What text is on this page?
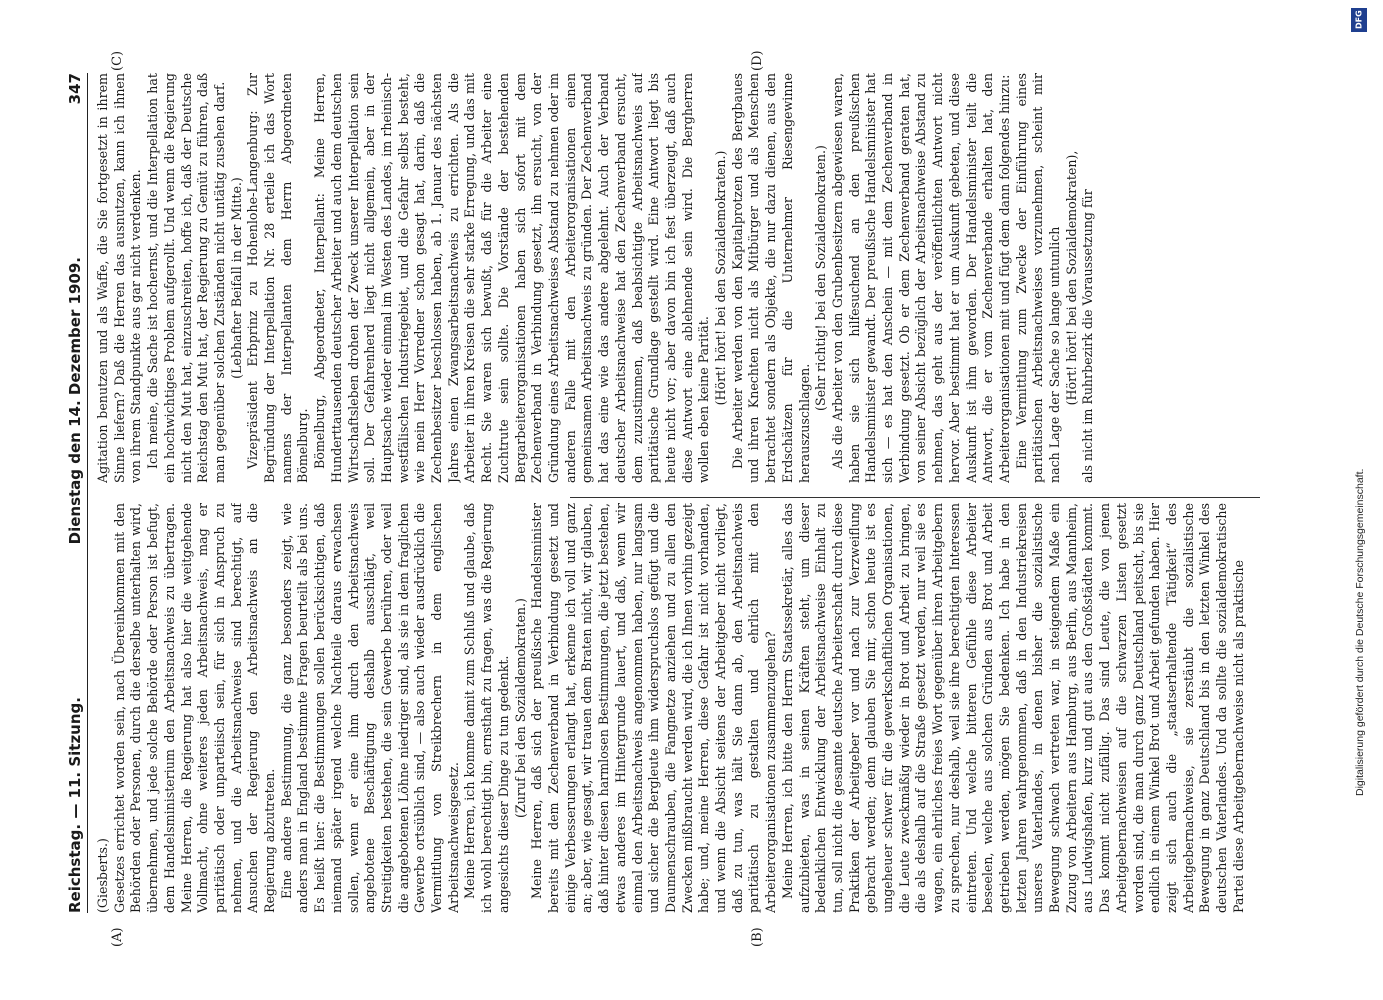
Reichstag. — 11. Sitzung.
Dienstag den 14. Dezember 1909.
347
(A)	(B)
(C)	(D)

(Giesberts.) Gesetzes errichtet worden sein, nach Übereinkommen mit den Behörden oder Personen, durch die derselbe unterhalten wird, übernehmen, und jede solche Behörde oder Person ist befugt, dem Handelsministerium den Arbeitsnachweis zu übertragen. Meine Herren, die Regierung hat also hier die weitgehende Vollmacht, ohne weiteres jeden Arbeitsnachweis, mag er paritätisch oder unparteiisch sein, für sich in Anspruch zu nehmen, und die Arbeitsnachweise sind berechtigt, auf Ansuchen der Regierung den Arbeitsnachweis an die Regierung abzutreten. Eine andere Bestimmung, die ganz besonders zeigt, wie anders man in England bestimmte Fragen beurteilt als bei uns. Es heißt hier: die Bestimmungen sollen berücksichtigen, daß niemand später irgend welche Nachteile daraus erwachsen sollen, wenn er eine ihm durch den Arbeitsnachweis angebotene Beschäftigung deshalb ausschlägt, weil Streitigkeiten bestehen, die sein Gewerbe berühren, oder weil die angebotenen Löhne niedriger sind, als sie in dem fraglichen Gewerbe ortsüblich sind, — also auch wieder ausdrücklich die Vermittlung von Streikbrechern in dem englischen Arbeitsnachweisgesetz. Meine Herren, ich komme damit zum Schluß und glaube, daß ich wohl berechtigt bin, ernsthaft zu fragen, was die Regierung angesichts dieser Dinge zu tun gedenkt. (Zuruf bei den Sozialdemokraten.) Meine Herren, daß sich der preußische Handelsminister bereits mit dem Zechenverband in Verbindung gesetzt und einige Verbesserungen erlangt hat, erkenne ich voll und ganz an; aber, wie gesagt, wir trauen dem Braten nicht, wir glauben, daß hinter diesen harmlosen Bestimmungen, die jetzt bestehen, etwas anderes im Hintergrunde lauert, und daß, wenn wir einmal den Arbeitsnachweis angenommen haben, nur langsam und sicher die Bergleute ihm widerspruchslos gefügt und die Daumenschrauben, die Fangnetze anziehen und zu allen den Zwecken mißbraucht werden wird, die ich Ihnen vorhin gezeigt habe; und, meine Herren, diese Gefahr ist nicht vorhanden, und wenn die Absicht seitens der Arbeitgeber nicht vorliegt, daß zu tun, was hält Sie dann ab, den Arbeitsnachweis paritätisch zu gestalten und ehrlich mit den Arbeiterorganisationen zusammenzugehen? Meine Herren, ich bitte den Herrn Staatssekretär, alles das aufzubieten, was in seinen Kräften steht, um dieser bedenklichen Entwicklung der Arbeitsnachweise Einhalt zu tun, soll nicht die gesamte deutsche Arbeiterschaft durch diese Praktiken der Arbeitgeber vor und nach zur Verzweiflung gebracht werden; denn glauben Sie mir, schon heute ist es ungeheuer schwer für die gewerkschaftlichen Organisationen, die Leute zweckmäßig wieder in Brot und Arbeit zu bringen, die als deshalb auf die Straße gesetzt werden, nur weil sie es wagen, ein ehrliches freies Wort gegenüber ihren Arbeitgebern zu sprechen, nur deshalb, weil sie ihre berechtigten Interessen eintreten. Und welche bitteren Gefühle diese Arbeiter beseelen, welche aus solchen Gründen aus Brot und Arbeit getrieben werden, mögen Sie bedenken. Ich habe in den letzten Jahren wahrgenommen, daß in den Industriekreisen unseres Vaterlandes, in denen bisher die sozialistische Bewegung schwach vertreten war, in steigendem Maße ein Zuzug von Arbeitern aus Hamburg, aus Berlin, aus Mannheim, aus Ludwigshafen, kurz und gut aus den Großstädten kommt. Das kommt nicht zufällig. Das sind Leute, die von jenen Arbeitgebernachweisen auf die schwarzen Listen gesetzt worden sind, die man durch ganz Deutschland peitscht, bis sie endlich in einem Winkel Brot und Arbeit gefunden haben. Hier zeigt sich auch die „staatserhaltende Tätigkeit“ des Arbeitgebernachweise, sie zerstäubt die sozialistische Bewegung in ganz Deutschland bis in den letzten Winkel des deutschen Vaterlandes. Und da sollte die sozialdemokratische Partei diese Arbeitgebernachweise nicht als praktische

Agitation benutzen und als Waffe, die Sie fortgesetzt in ihrem Sinne liefern? Daß die Herren das ausnutzen, kann ich ihnen von ihrem Standpunkte aus gar nicht verdenken. Ich meine, die Sache ist hochernst, und die Interpellation hat ein hochwichtiges Problem aufgerollt. Und wenn die Regierung nicht den Mut hat, einzuschreiten, hoffe ich, daß der Deutsche Reichstag den Mut hat, der Regierung zu Gemüt zu führen, daß man gegenüber solchen Zuständen nicht untätig zusehen darf. (Lebhafter Beifall in der Mitte.) Vizepräsident Erbprinz zu Hohenlohe-Langenburg: Zur Begründung der Interpellation Nr. 28 erteile ich das Wort namens der Interpellanten dem Herrn Abgeordneten Bömelburg. Bömelburg, Abgeordneter, Interpellant: Meine Herren, Hunderttausenden deutscher Arbeiter und auch dem deutschen Wirtschaftsleben drohen der Zweck unserer Interpellation sein soll. Der Gefahrenherd liegt nicht allgemein, aber in der Hauptsache wieder einmal im Westen des Landes, im rheinisch-westfälischen Industriegebiet, und die Gefahr selbst besteht, wie mein Herr Vorredner schon gesagt hat, darin, daß die Zechenbesitzer beschlossen haben, ab 1. Januar des nächsten Jahres einen Zwangsarbeitsnachweis zu errichten. Als die Arbeiter in ihren Kreisen die sehr starke Erregung, und das mit Recht. Sie waren sich bewußt, daß für die Arbeiter eine Zuchtrute sein sollte. Die Vorstände der bestehenden Bergarbeiterorganisationen haben sich sofort mit dem Zechenverband in Verbindung gesetzt, ihn ersucht, von der Gründung eines Arbeitsnachweises Abstand zu nehmen oder im anderen Falle mit den Arbeiterorganisationen einen gemeinsamen Arbeitsnachweis zu gründen. Der Zechenverband hat das eine wie das andere abgelehnt. Auch der Verband deutscher Arbeitsnachweise hat den Zechenverband ersucht, dem zuzustimmen, daß beabsichtigte Arbeitsnachweis auf paritätische Grundlage gestellt wird. Eine Antwort liegt bis heute nicht vor; aber davon bin ich fest überzeugt, daß auch diese Antwort eine ablehnende sein wird. Die Bergherren wollen eben keine Parität. (Hört! hört! bei den Sozialdemokraten.) Die Arbeiter werden von den Kapitalprotzen des Bergbaues und ihren Knechten nicht als Mitbürger und als Menschen betrachtet sondern als Objekte, die nur dazu dienen, aus den Erdschätzen für die Unternehmer Riesengewinne herauszuschlagen.

(Sehr richtig! bei den Sozialdemokraten.) Als die Arbeiter von den Grubenbesitzern abgewiesen waren, haben sie sich hilfesuchend an den preußischen Handelsminister gewandt. Der preußische Handelsminister hat sich — es hat den Anschein — mit dem Zechenverband in Verbindung gesetzt. Ob er dem Zechenverband geraten hat, von seiner Absicht bezüglich der Arbeitsnachweise Abstand zu nehmen, das geht aus der veröffentlichten Antwort nicht hervor. Aber bestimmt hat er um Auskunft gebeten, und diese Auskunft ist ihm geworden. Der Handelsminister teilt die Antwort, die er vom Zechenverbande erhalten hat, den Arbeiterorganisationen mit und fügt dem dann folgendes hinzu: Eine Vermittlung zum Zwecke der Einführung eines paritätischen Arbeitsnachweises vorzunehmen, scheint mir nach Lage der Sache so lange untunlich (Hört! hört! bei den Sozialdemokraten), als nicht im Ruhrbezirk die Voraussetzung für

DFG
Digitalisierung gefördert durch die Deutsche Forschungsgemeinschaft.
